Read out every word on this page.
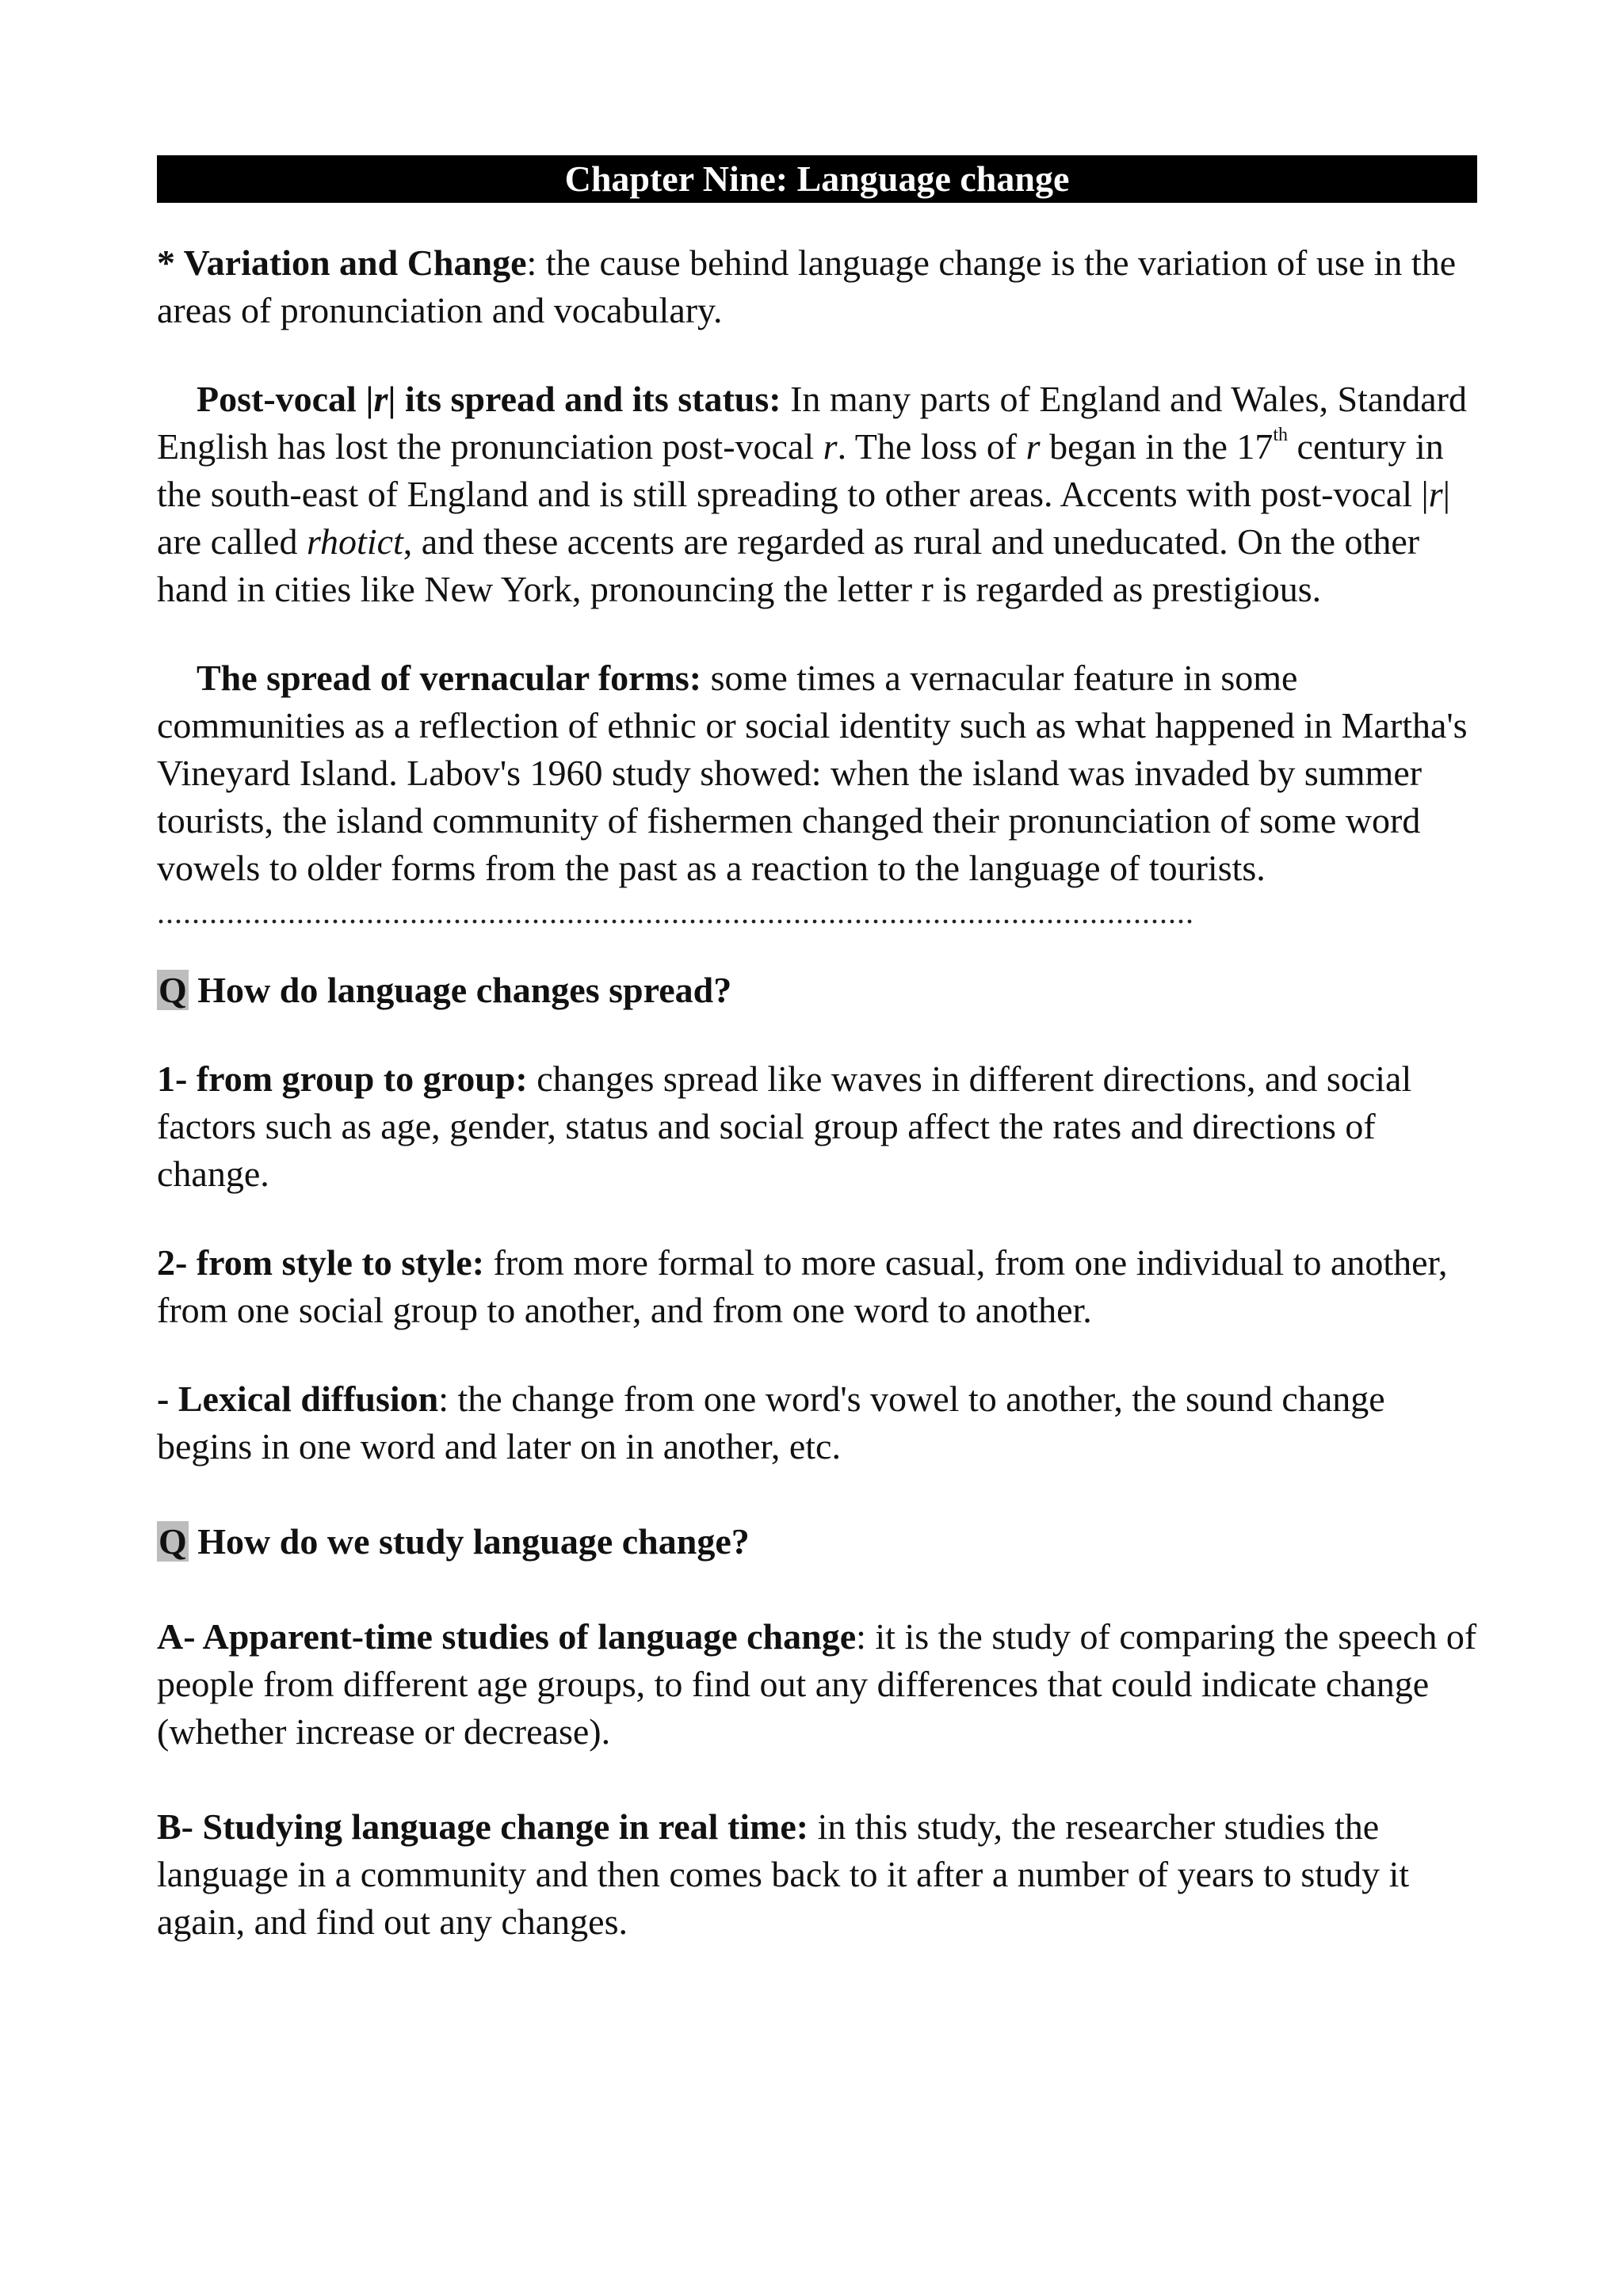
Chapter Nine: Language change

* Variation and Change: the cause behind language change is the variation of use in the areas of pronunciation and vocabulary.

Post-vocal |r| its spread and its status: In many parts of England and Wales, Standard English has lost the pronunciation post-vocal r. The loss of r began in the 17th century in the south-east of England and is still spreading to other areas. Accents with post-vocal |r| are called rhotict, and these accents are regarded as rural and uneducated. On the other hand in cities like New York, pronouncing the letter r is regarded as prestigious.

The spread of vernacular forms: some times a vernacular feature in some communities as a reflection of ethnic or social identity such as what happened in Martha's Vineyard Island. Labov's 1960 study showed: when the island was invaded by summer tourists, the island community of fishermen changed their pronunciation of some word vowels to older forms from the past as a reaction to the language of tourists.

.......................................................................................................................

Q How do language changes spread?

1- from group to group: changes spread like waves in different directions, and social factors such as age, gender, status and social group affect the rates and directions of change.

2- from style to style: from more formal to more casual, from one individual to another, from one social group to another, and from one word to another.

- Lexical diffusion: the change from one word's vowel to another, the sound change begins in one word and later on in another, etc.

Q How do we study language change?

A- Apparent-time studies of language change: it is the study of comparing the speech of people from different age groups, to find out any differences that could indicate change (whether increase or decrease).

B- Studying language change in real time: in this study, the researcher studies the language in a community and then comes back to it after a number of years to study it again, and find out any changes.
